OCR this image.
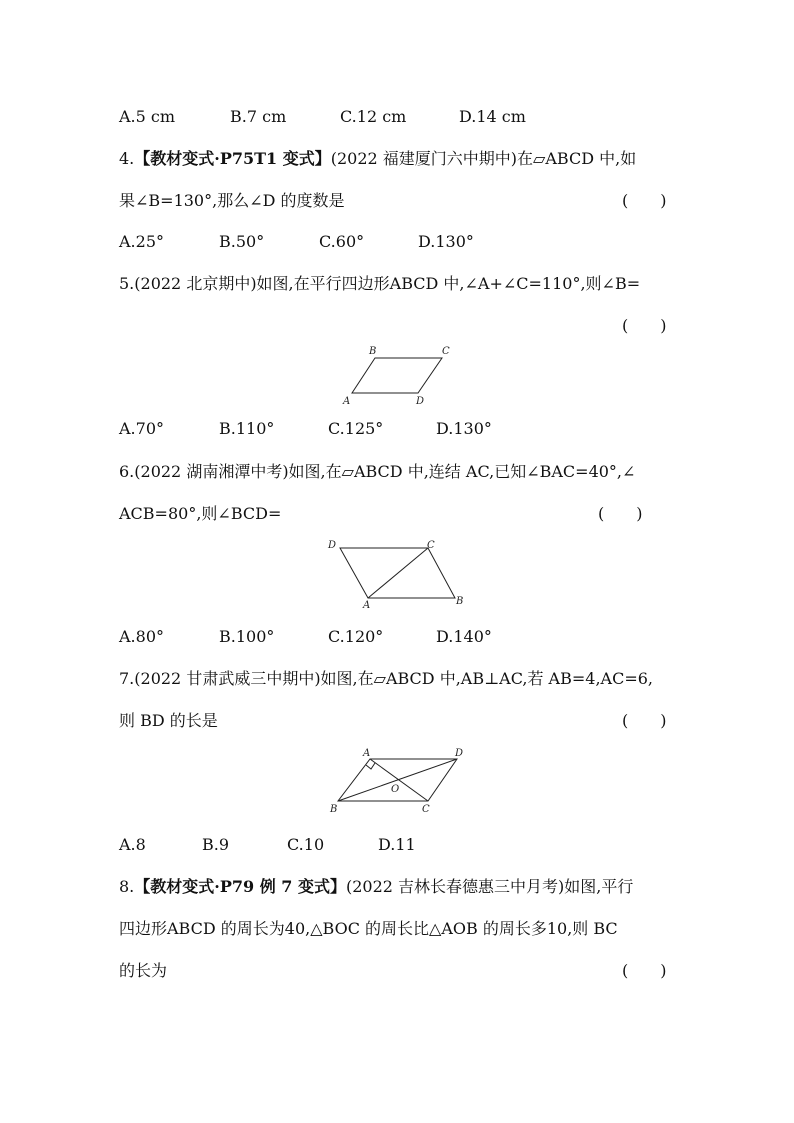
A.5 cm	B.7 cm	C.12 cm	D.14 cm
4.【教材变式·P75T1 变式】(2022 福建厦门六中期中)在▱ABCD 中,如
果∠B=130°,那么∠D 的度数是	(　　)
A.25°	B.50°	C.60°	D.130°
5.(2022 北京期中)如图,在平行四边形ABCD 中,∠A+∠C=110°,则∠B=
(　　)
B	C
A	D
A.70°	B.110°	C.125°	D.130°
6.(2022 湖南湘潭中考)如图,在▱ABCD 中,连结 AC,已知∠BAC=40°,∠
ACB=80°,则∠BCD=	(　　)
D	C
A	B
A.80°	B.100°	C.120°	D.140°
7.(2022 甘肃武威三中期中)如图,在▱ABCD 中,AB⊥AC,若 AB=4,AC=6,
则 BD 的长是	(　　)
A	D
O
B	C
A.8	B.9	C.10	D.11
8.【教材变式·P79 例 7 变式】(2022 吉林长春德惠三中月考)如图,平行
四边形ABCD 的周长为40,△BOC 的周长比△AOB 的周长多10,则 BC
的长为	(　　)
